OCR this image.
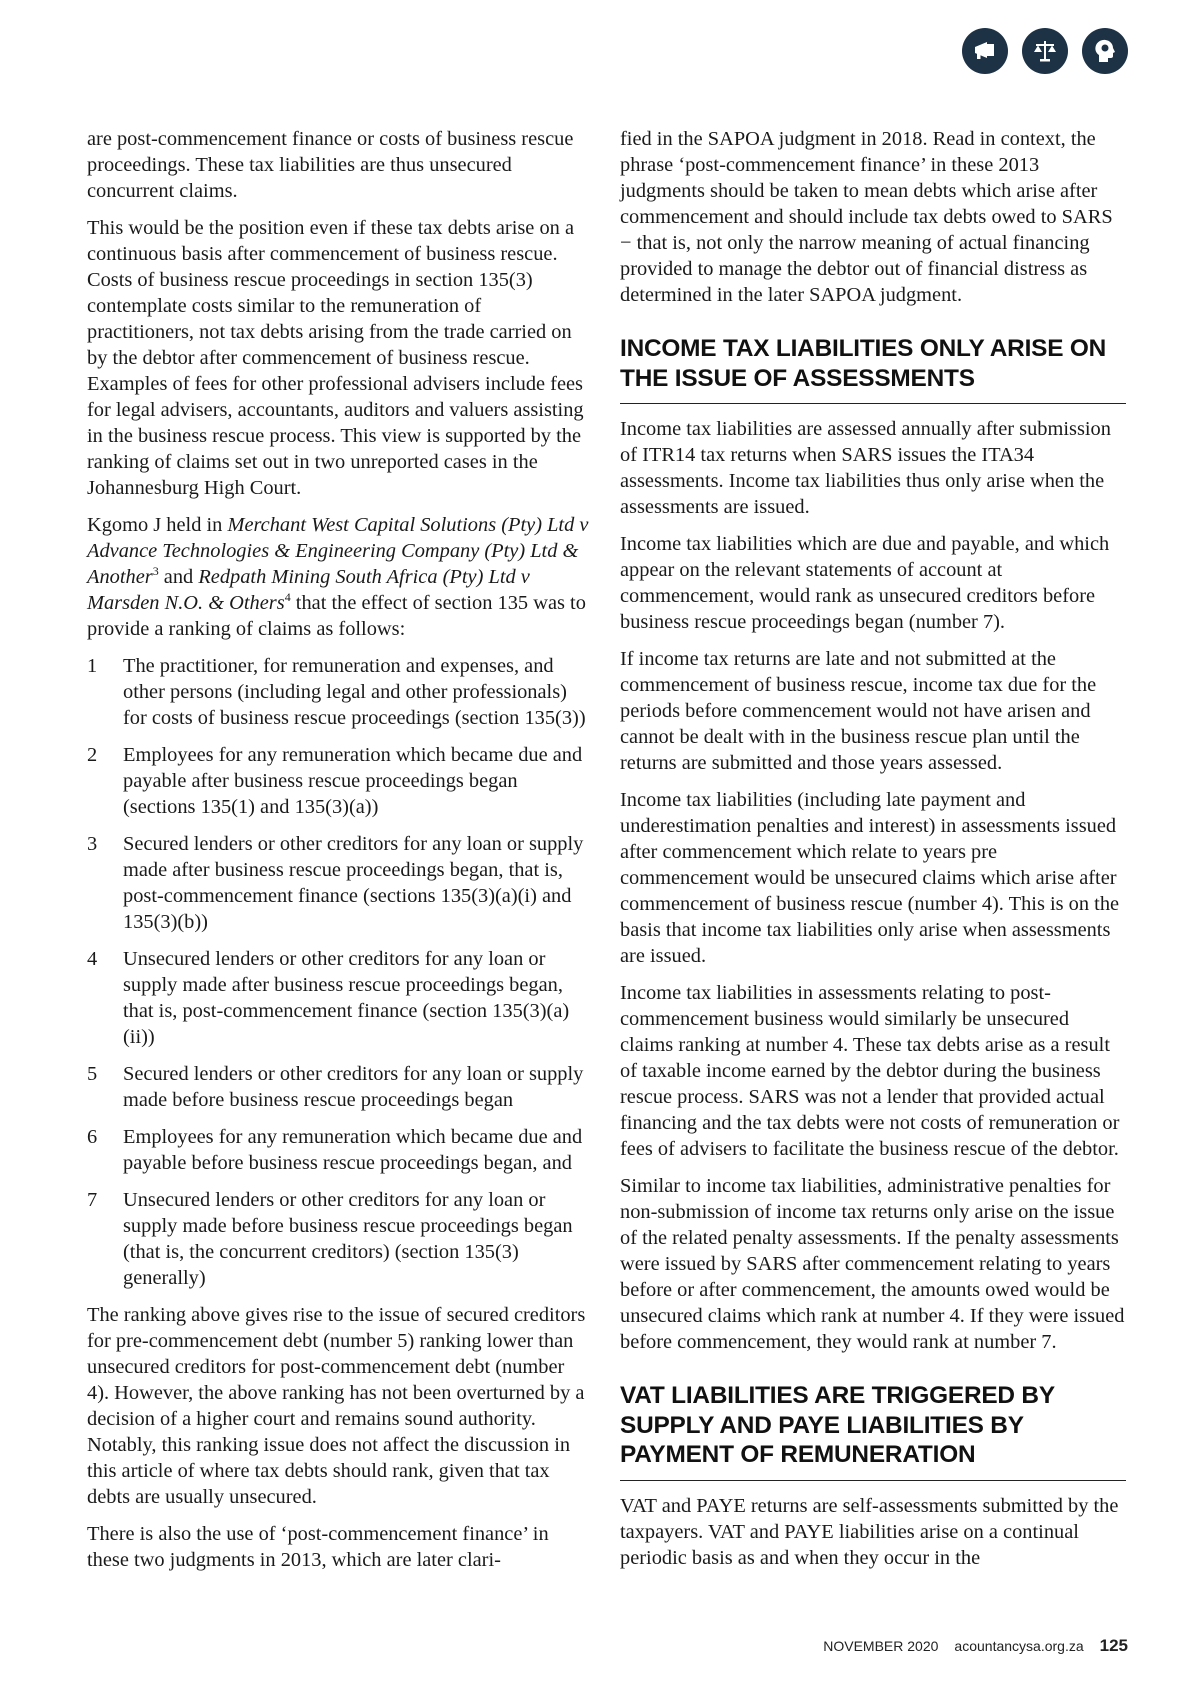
are post-commencement finance or costs of business rescue proceedings. These tax liabilities are thus unsecured concurrent claims.

This would be the position even if these tax debts arise on a continuous basis after commencement of business rescue. Costs of business rescue proceedings in section 135(3) contemplate costs similar to the remuneration of practitioners, not tax debts arising from the trade carried on by the debtor after commencement of business rescue. Examples of fees for other professional advisers include fees for legal advisers, accountants, auditors and valuers assisting in the business rescue process. This view is supported by the ranking of claims set out in two unreported cases in the Johannesburg High Court.

Kgomo J held in Merchant West Capital Solutions (Pty) Ltd v Advance Technologies & Engineering Company (Pty) Ltd & Another$^3$ and Redpath Mining South Africa (Pty) Ltd v Marsden N.O. & Others$^4$ that the effect of section 135 was to provide a ranking of claims as follows:

1	The practitioner, for remuneration and expenses, and other persons (including legal and other professionals) for costs of business rescue proceedings (section 135(3))
2	Employees for any remuneration which became due and payable after business rescue proceedings began (sections 135(1) and 135(3)(a))
3	Secured lenders or other creditors for any loan or supply made after business rescue proceedings began, that is, post-commencement finance (sections 135(3)(a)(i) and 135(3)(b))
4	Unsecured lenders or other creditors for any loan or supply made after business rescue proceedings began, that is, post-commencement finance (section 135(3)(a)(ii))
5	Secured lenders or other creditors for any loan or supply made before business rescue proceedings began
6	Employees for any remuneration which became due and payable before business rescue proceedings began, and
7	Unsecured lenders or other creditors for any loan or supply made before business rescue proceedings began (that is, the concurrent creditors) (section 135(3) generally)

The ranking above gives rise to the issue of secured creditors for pre-commencement debt (number 5) ranking lower than unsecured creditors for post-commencement debt (number 4). However, the above ranking has not been overturned by a decision of a higher court and remains sound authority. Notably, this ranking issue does not affect the discussion in this article of where tax debts should rank, given that tax debts are usually unsecured.

There is also the use of ‘post-commencement finance’ in these two judgments in 2013, which are later clari-

fied in the SAPOA judgment in 2018. Read in context, the phrase ‘post-commencement finance’ in these 2013 judgments should be taken to mean debts which arise after commencement and should include tax debts owed to SARS − that is, not only the narrow meaning of actual financing provided to manage the debtor out of financial distress as determined in the later SAPOA judgment.

INCOME TAX LIABILITIES ONLY ARISE ON THE ISSUE OF ASSESSMENTS

Income tax liabilities are assessed annually after submission of ITR14 tax returns when SARS issues the ITA34 assessments. Income tax liabilities thus only arise when the assessments are issued.

Income tax liabilities which are due and payable, and which appear on the relevant statements of account at commencement, would rank as unsecured creditors before business rescue proceedings began (number 7).

If income tax returns are late and not submitted at the commencement of business rescue, income tax due for the periods before commencement would not have arisen and cannot be dealt with in the business rescue plan until the returns are submitted and those years assessed.

Income tax liabilities (including late payment and underestimation penalties and interest) in assessments issued after commencement which relate to years pre commencement would be unsecured claims which arise after commencement of business rescue (number 4). This is on the basis that income tax liabilities only arise when assessments are issued.

Income tax liabilities in assessments relating to post-commencement business would similarly be unsecured claims ranking at number 4. These tax debts arise as a result of taxable income earned by the debtor during the business rescue process. SARS was not a lender that provided actual financing and the tax debts were not costs of remuneration or fees of advisers to facilitate the business rescue of the debtor.

Similar to income tax liabilities, administrative penalties for non-submission of income tax returns only arise on the issue of the related penalty assessments. If the penalty assessments were issued by SARS after commencement relating to years before or after commencement, the amounts owed would be unsecured claims which rank at number 4. If they were issued before commencement, they would rank at number 7.

VAT LIABILITIES ARE TRIGGERED BY SUPPLY AND PAYE LIABILITIES BY PAYMENT OF REMUNERATION

VAT and PAYE returns are self-assessments submitted by the taxpayers. VAT and PAYE liabilities arise on a continual periodic basis as and when they occur in the

NOVEMBER 2020 acountancysa.org.za 125
